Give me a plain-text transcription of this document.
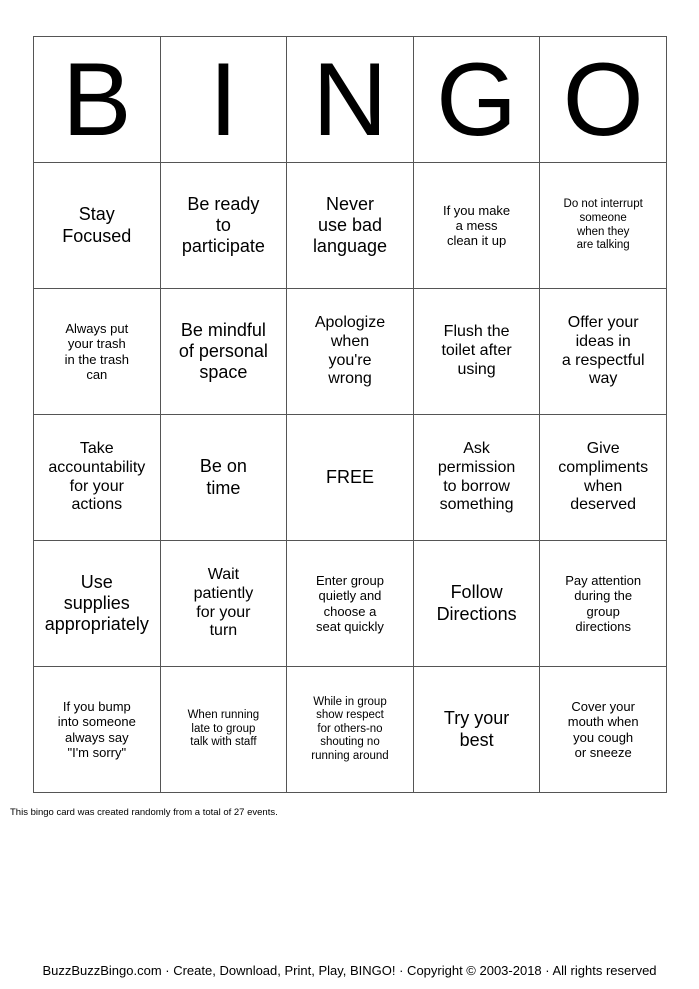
B	I	N	G	O

Stay
Focused	Be ready
to
participate	Never
use bad
language	If you make
a mess
clean it up	Do not interrupt
someone
when they
are talking

Always put
your trash
in the trash
can	Be mindful
of personal
space	Apologize
when
you're
wrong	Flush the
toilet after
using	Offer your
ideas in
a respectful
way

Take
accountability
for your
actions	Be on
time	FREE	Ask
permission
to borrow
something	Give
compliments
when
deserved

Use
supplies
appropriately	Wait
patiently
for your
turn	Enter group
quietly and
choose a
seat quickly	Follow
Directions	Pay attention
during the
group
directions

If you bump
into someone
always say
"I'm sorry"	When running
late to group
talk with staff	While in group
show respect
for others-no
shouting no
running around	Try your
best	Cover your
mouth when
you cough
or sneeze
This bingo card was created randomly from a total of 27 events.
BuzzBuzzBingo.com · Create, Download, Print, Play, BINGO! · Copyright © 2003-2018 · All rights reserved
